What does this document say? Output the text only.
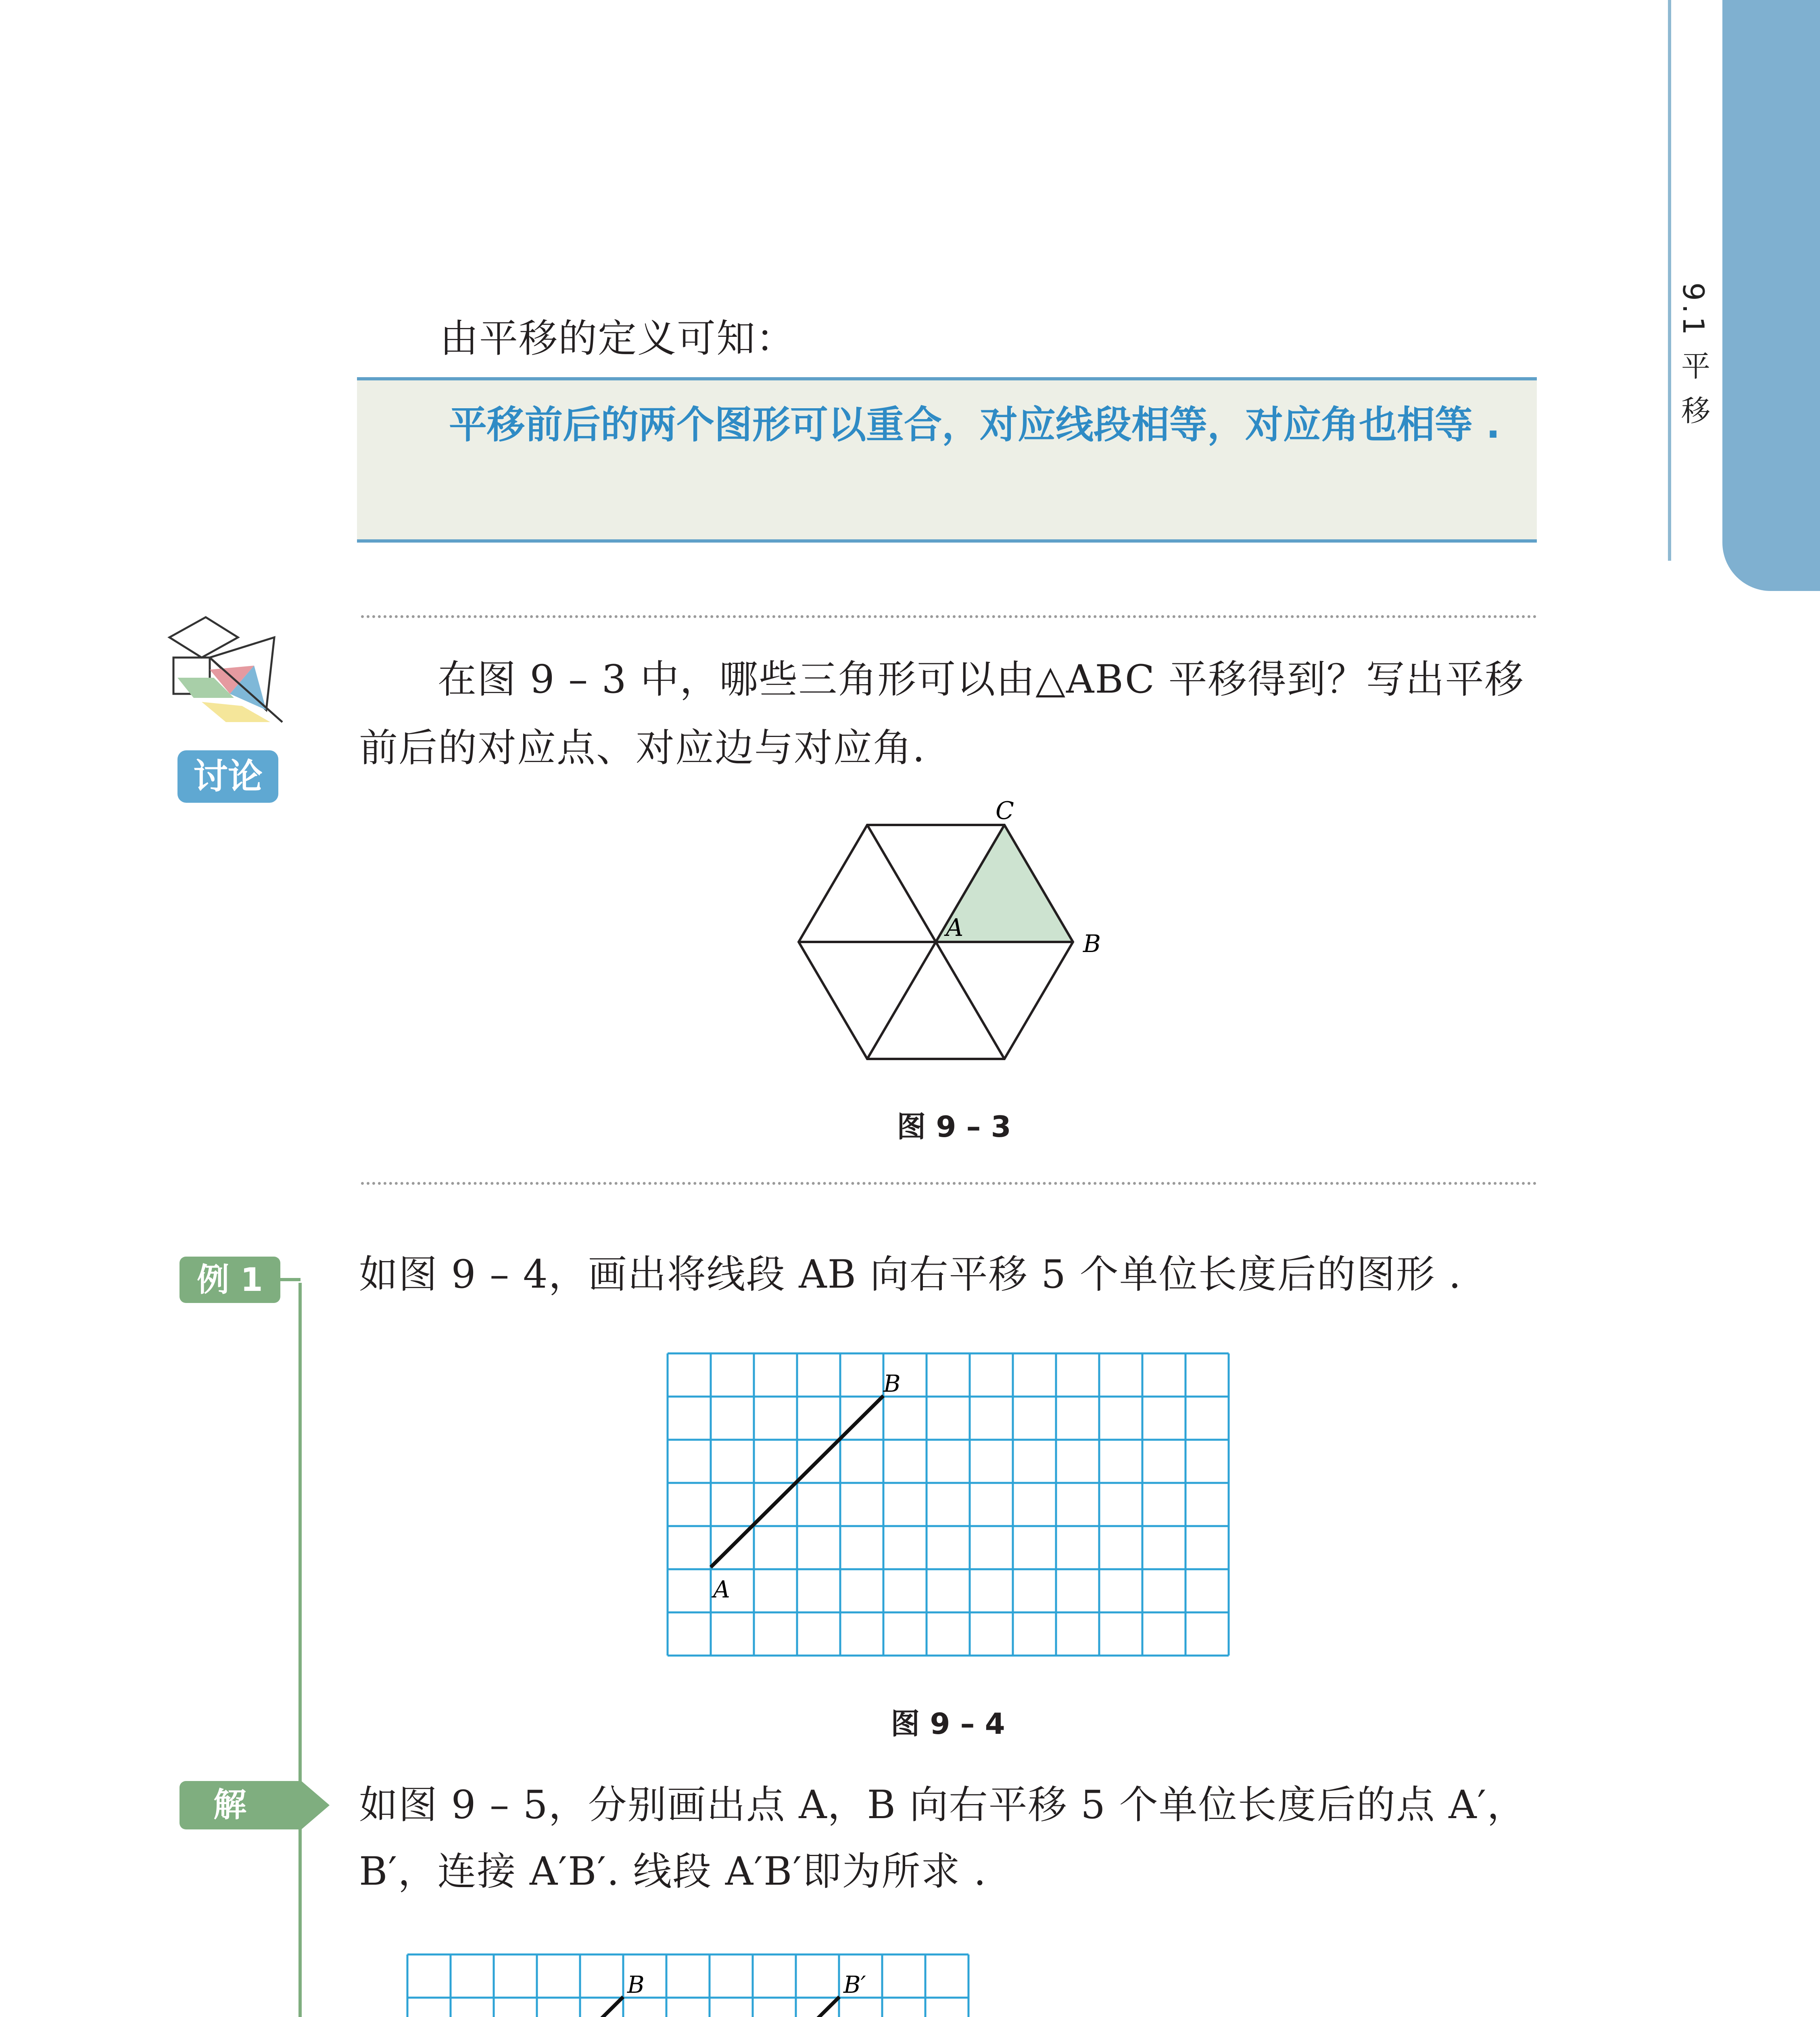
9.1 平 移
由平移的定义可知：
平移前后的两个图形可以重合，对应线段相等，对应角也相等 .
讨论
在图 9 – 3 中，哪些三角形可以由△ABC 平移得到？写出平移
前后的对应点、对应边与对应角.
A
B
C
图 9 – 3
例 1	如图 9 – 4，画出将线段 AB 向右平移 5 个单位长度后的图形 .
A
B
图 9 – 4
解	如图 9 – 5，分别画出点 A，B 向右平移 5 个单位长度后的点 A′，
B′，连接 A′B′. 线段 A′B′即为所求 .
B	B′
